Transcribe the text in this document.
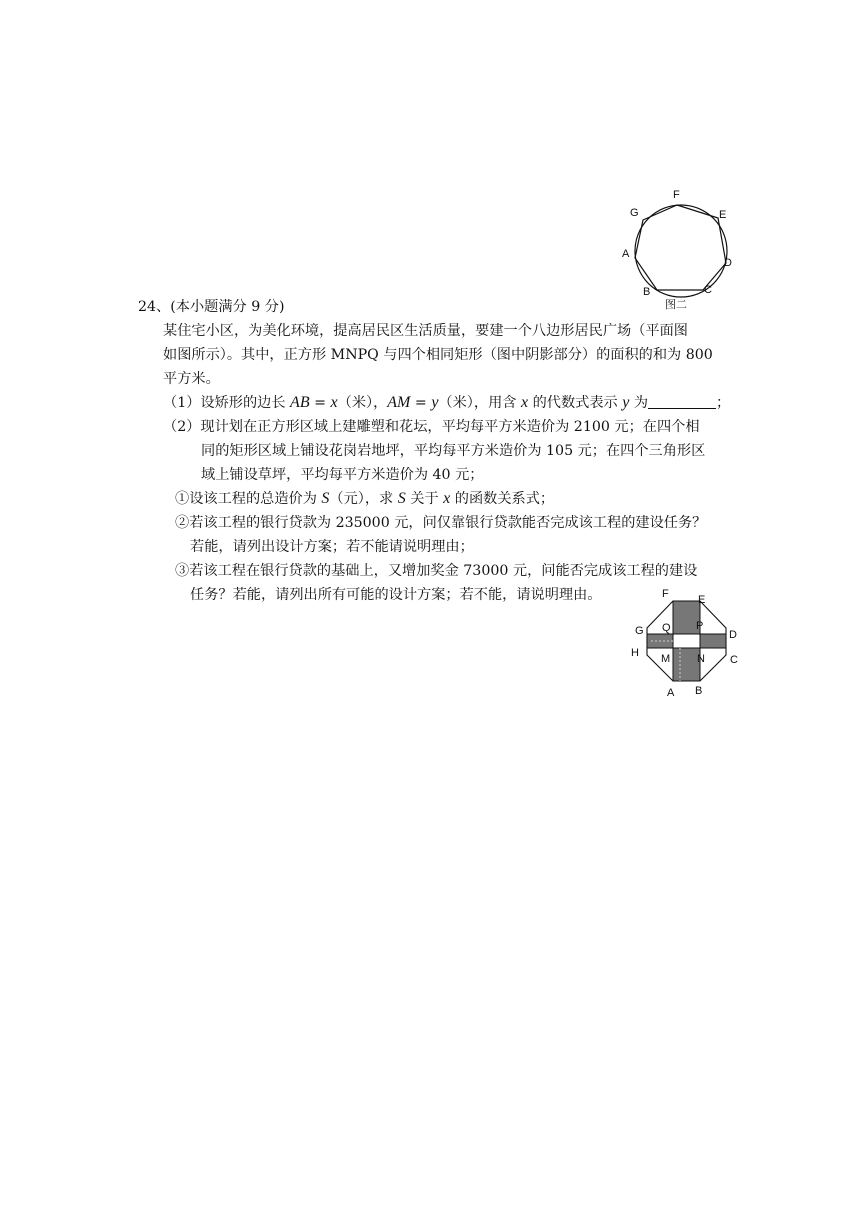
F
G	E
A
D
B	C
图二
24、(本小题满分 9 分)
某住宅小区，为美化环境，提高居民区生活质量，要建一个八边形居民广场（平面图
如图所示）。其中，正方形 MNPQ 与四个相同矩形（图中阴影部分）的面积的和为 800
平方米。
（1）设矫形的边长 AB = x（米），AM = y（米），用含 x 的代数式表示 y 为	；
（2）现计划在正方形区域上建雕塑和花坛，平均每平方米造价为 2100 元；在四个相
同的矩形区域上铺设花岗岩地坪，平均每平方米造价为 105 元；在四个三角形区
域上铺设草坪，平均每平方米造价为 40 元；
①设该工程的总造价为 S（元），求 S 关于 x 的函数关系式；
②若该工程的银行贷款为 235000 元，问仅靠银行贷款能否完成该工程的建设任务？
若能，请列出设计方案；若不能请说明理由；
③若该工程在银行贷款的基础上，又增加奖金 73000 元，问能否完成该工程的建设
任务？若能，请列出所有可能的设计方案；若不能，请说明理由。	F	E
G Q P
D
H M N C
A B
